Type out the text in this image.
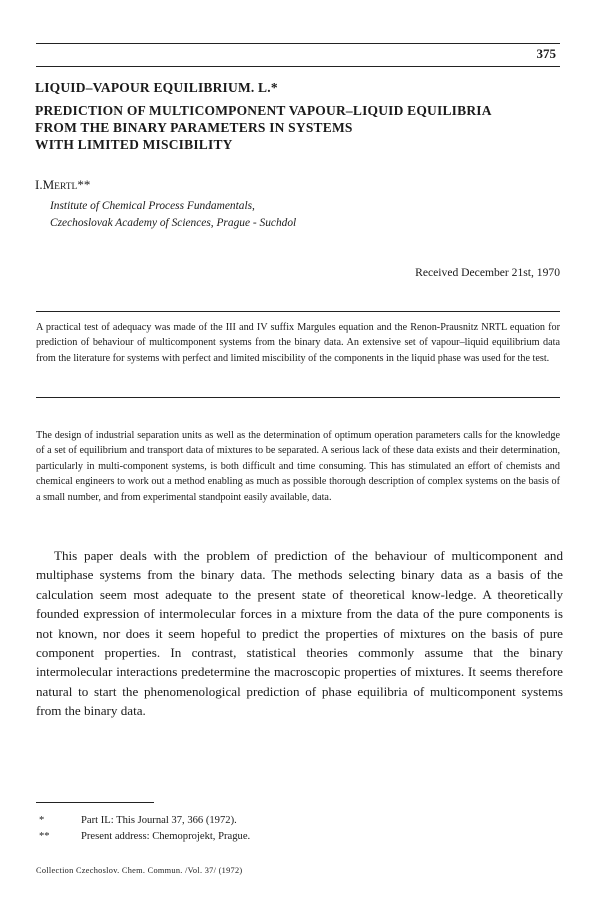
375
LIQUID–VAPOUR EQUILIBRIUM. L.*
PREDICTION OF MULTICOMPONENT VAPOUR–LIQUID EQUILIBRIA
FROM THE BINARY PARAMETERS IN SYSTEMS
WITH LIMITED MISCIBILITY
I.MERTL**
Institute of Chemical Process Fundamentals,
Czechoslovak Academy of Sciences, Prague - Suchdol
Received December 21st, 1970

A practical test of adequacy was made of the III and IV suffix Margules equation and the Renon-Prausnitz NRTL equation for prediction of behaviour of multicomponent systems from the binary data. An extensive set of vapour–liquid equilibrium data from the literature for systems with perfect and limited miscibility of the components in the liquid phase was used for the test.

The design of industrial separation units as well as the determination of optimum operation parameters calls for the knowledge of a set of equilibrium and transport data of mixtures to be separated. A serious lack of these data exists and their determination, particularly in multi-component systems, is both difficult and time consuming. This has stimulated an effort of chemists and chemical engineers to work out a method enabling as much as possible thorough description of complex systems on the basis of a small number, and from experimental standpoint easily available, data.

This paper deals with the problem of prediction of the behaviour of multicomponent and multiphase systems from the binary data. The methods selecting binary data as a basis of the calculation seem most adequate to the present state of theoretical know-ledge. A theoretically founded expression of intermolecular forces in a mixture from the data of the pure components is not known, nor does it seem hopeful to predict the properties of mixtures on the basis of pure component properties. In contrast, statistical theories commonly assume that the binary intermolecular interactions predetermine the macroscopic properties of mixtures. It seems therefore natural to start the phenomenological prediction of phase equilibria of multicomponent systems from the binary data.

*	Part IL: This Journal 37, 366 (1972).
**	Present address: Chemoprojekt, Prague.
Collection Czechoslov. Chem. Commun. /Vol. 37/ (1972)
